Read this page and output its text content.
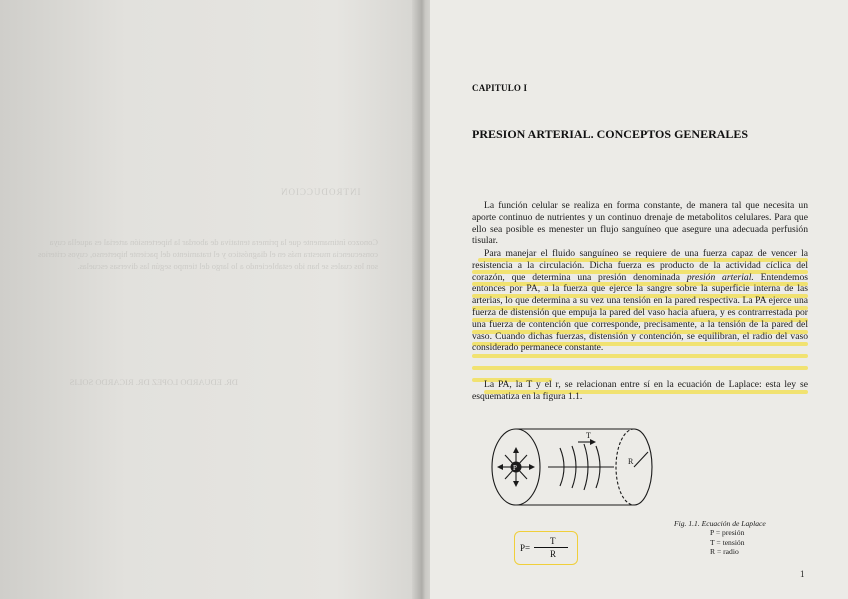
INTRODUCCION
Conozco íntimamente que la primera tentativa de abordar la hipertensión arterial es aquella cuya consecuencia muestra más en el diagnóstico y el tratamiento del paciente hipertenso, cuyos criterios son los cuales se han ido estableciendo a lo largo del tiempo según las diversas escuelas.
DR. EDUARDO LOPEZ DR. RICARDO SOLIS
CAPITULO I
PRESION ARTERIAL. CONCEPTOS GENERALES

La función celular se realiza en forma constante, de manera tal que necesita un aporte continuo de nutrientes y un continuo drenaje de metabolitos celulares. Para que ello sea posible es menester un flujo sanguíneo que asegure una adecuada perfusión tisular.

Para manejar el fluido sanguíneo se requiere de una fuerza capaz de vencer la resistencia a la circulación. Dicha fuerza es producto de la actividad cíclica del corazón, que determina una presión denominada presión arterial. Entendemos entonces por PA, a la fuerza que ejerce la sangre sobre la superficie interna de las arterias, lo que determina a su vez una tensión en la pared respectiva. La PA ejerce una fuerza de distensión que empuja la pared del vaso hacia afuera, y es contrarrestada por una fuerza de contención que corresponde, precisamente, a la tensión de la pared del vaso. Cuando dichas fuerzas, distensión y contención, se equilibran, el radio del vaso considerado permanece constante.

La PA, la T y el r, se relacionan entre sí en la ecuación de Laplace: esta ley se esquematiza en la figura 1.1.

P
T
R
Fig. 1.1. Ecuación de Laplace
P = presión
T = tensión
R = radio
P=
T
R
1
